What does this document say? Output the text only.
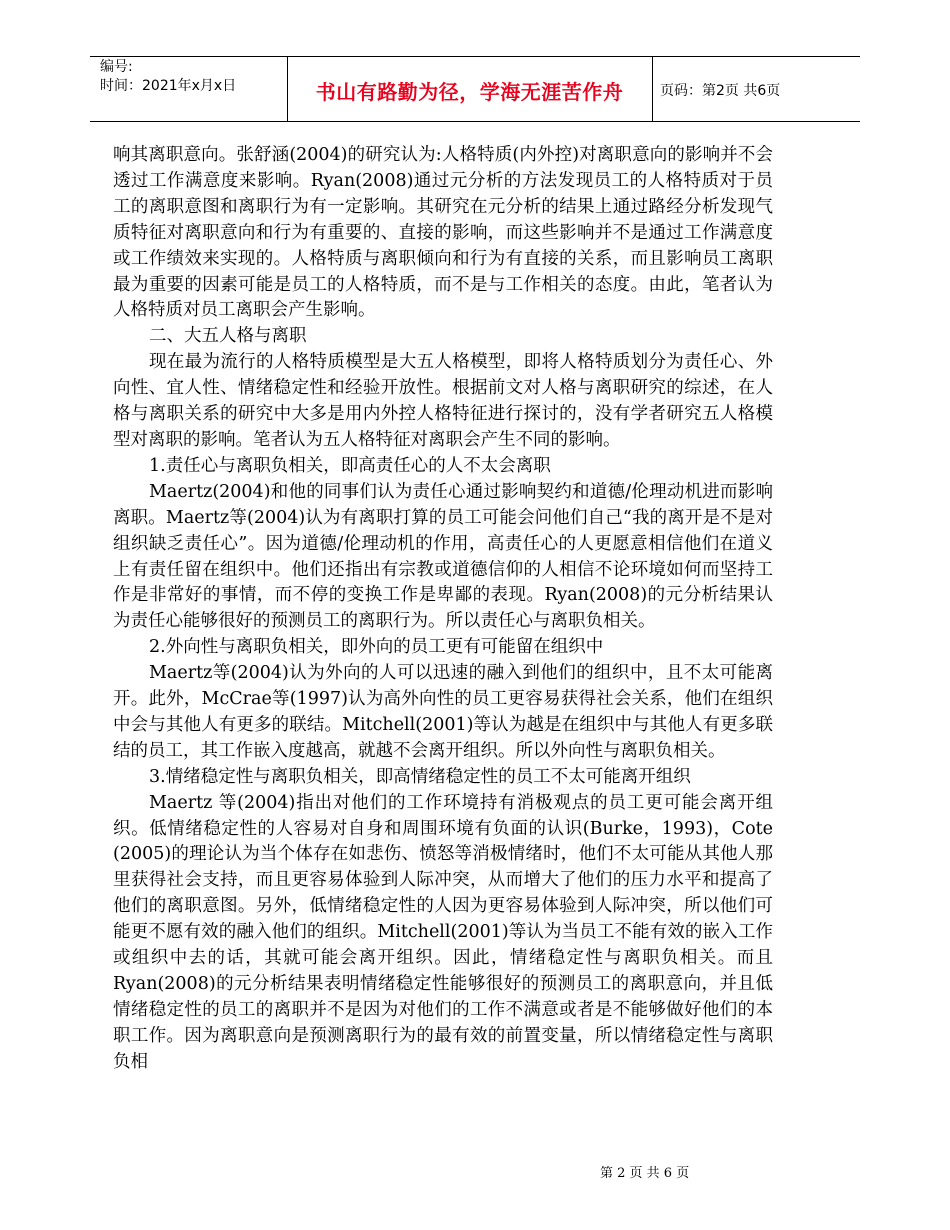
编号:
时间：2021年x月x日	书山有路勤为径，学海无涯苦作舟	页码：第2页 共6页

响其离职意向。张舒涵(2004)的研究认为:人格特质(内外控)对离职意向的影响并不会透过工作满意度来影响。Ryan(2008)通过元分析的方法发现员工的人格特质对于员工的离职意图和离职行为有一定影响。其研究在元分析的结果上通过路经分析发现气质特征对离职意向和行为有重要的、直接的影响，而这些影响并不是通过工作满意度或工作绩效来实现的。人格特质与离职倾向和行为有直接的关系，而且影响员工离职最为重要的因素可能是员工的人格特质，而不是与工作相关的态度。由此，笔者认为人格特质对员工离职会产生影响。

二、大五人格与离职

现在最为流行的人格特质模型是大五人格模型，即将人格特质划分为责任心、外向性、宜人性、情绪稳定性和经验开放性。根据前文对人格与离职研究的综述，在人格与离职关系的研究中大多是用内外控人格特征进行探讨的，没有学者研究五人格模型对离职的影响。笔者认为五人格特征对离职会产生不同的影响。

1.责任心与离职负相关，即高责任心的人不太会离职

Maertz(2004)和他的同事们认为责任心通过影响契约和道德/伦理动机进而影响离职。Maertz等(2004)认为有离职打算的员工可能会问他们自己“我的离开是不是对组织缺乏责任心”。因为道德/伦理动机的作用，高责任心的人更愿意相信他们在道义上有责任留在组织中。他们还指出有宗教或道德信仰的人相信不论环境如何而坚持工作是非常好的事情，而不停的变换工作是卑鄙的表现。Ryan(2008)的元分析结果认为责任心能够很好的预测员工的离职行为。所以责任心与离职负相关。

2.外向性与离职负相关，即外向的员工更有可能留在组织中

Maertz等(2004)认为外向的人可以迅速的融入到他们的组织中，且不太可能离开。此外，McCrae等(1997)认为高外向性的员工更容易获得社会关系，他们在组织中会与其他人有更多的联结。Mitchell(2001)等认为越是在组织中与其他人有更多联结的员工，其工作嵌入度越高，就越不会离开组织。所以外向性与离职负相关。

3.情绪稳定性与离职负相关，即高情绪稳定性的员工不太可能离开组织

Maertz 等(2004)指出对他们的工作环境持有消极观点的员工更可能会离开组织。低情绪稳定性的人容易对自身和周围环境有负面的认识(Burke，1993)，Cote (2005)的理论认为当个体存在如悲伤、愤怒等消极情绪时，他们不太可能从其他人那里获得社会支持，而且更容易体验到人际冲突，从而增大了他们的压力水平和提高了他们的离职意图。另外，低情绪稳定性的人因为更容易体验到人际冲突，所以他们可能更不愿有效的融入他们的组织。Mitchell(2001)等认为当员工不能有效的嵌入工作或组织中去的话，其就可能会离开组织。因此，情绪稳定性与离职负相关。而且Ryan(2008)的元分析结果表明情绪稳定性能够很好的预测员工的离职意向，并且低情绪稳定性的员工的离职并不是因为对他们的工作不满意或者是不能够做好他们的本职工作。因为离职意向是预测离职行为的最有效的前置变量，所以情绪稳定性与离职负相

第 2 页 共 6 页
